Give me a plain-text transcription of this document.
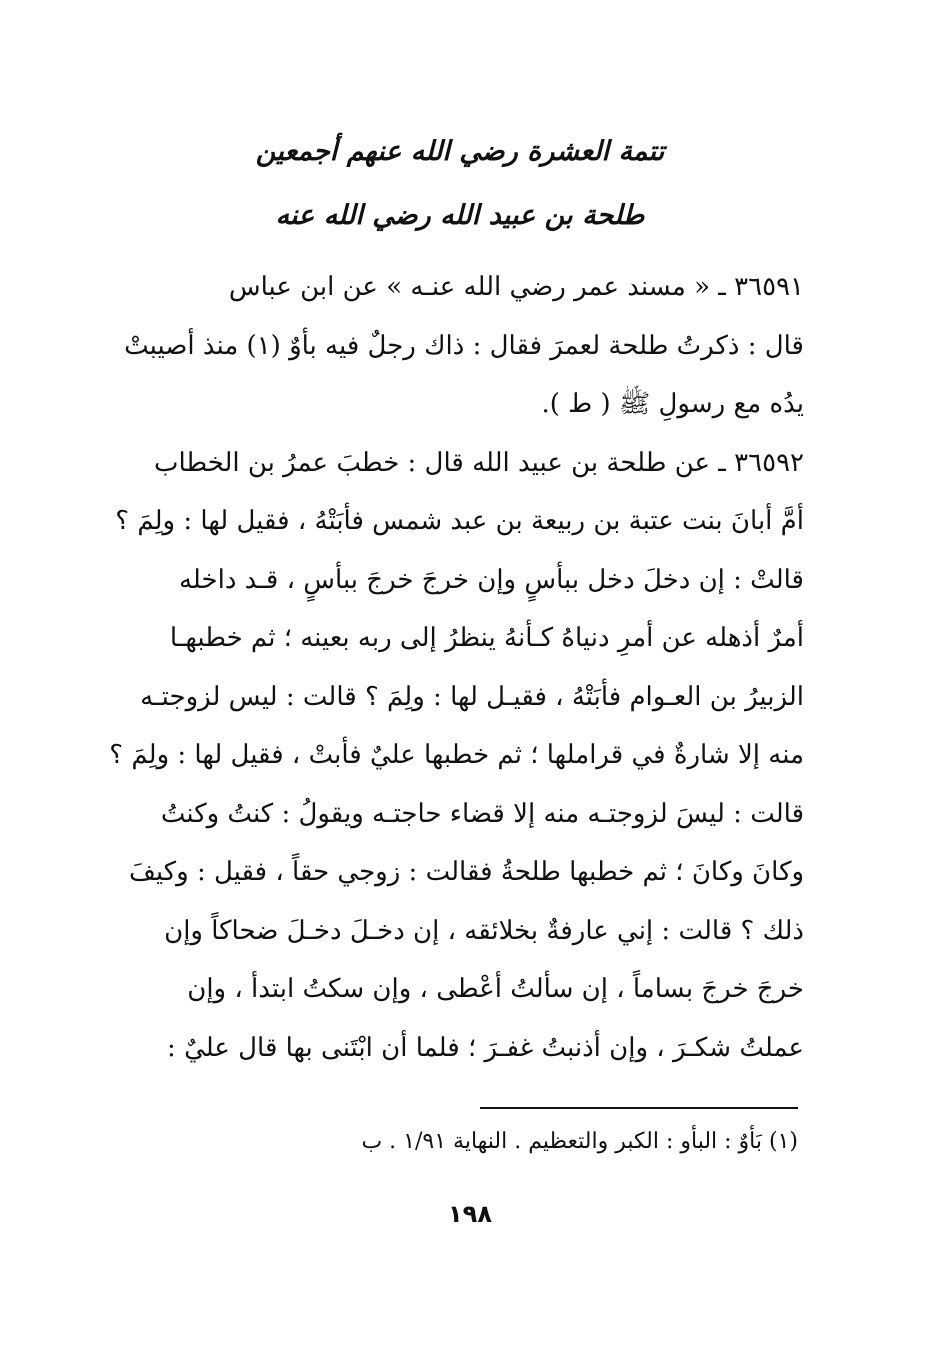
تتمة العشرة رضي الله عنهم أجمعين
طلحة بن عبيد الله رضي الله عنه
٣٦٥٩١ ـ « مسند عمر رضي الله عنـه » عن ابن عباس
قال : ذكرتُ طلحة لعمرَ فقال : ذاك رجلٌ فيه بأوٌ (١) منذ أصيبتْ
يدُه مع رسولِ ﷺ ( ط ).
٣٦٥٩٢ ـ عن طلحة بن عبيد الله قال : خطبَ عمرُ بن الخطاب
أمَّ أبانَ بنت عتبة بن ربيعة بن عبد شمس فأبَتْهُ ، فقيل لها : ولِمَ ؟
قالتْ : إن دخلَ دخل ببأسٍ وإن خرجَ خرجَ ببأسٍ ، قـد داخله
أمرٌ أذهله عن أمرِ دنياهُ كـأنهُ ينظرُ إلى ربه بعينه ؛ ثم خطبهـا
الزبيرُ بن العـوام فأبَتْهُ ، فقيـل لها : ولِمَ ؟ قالت : ليس لزوجتـه
منه إلا شارةٌ في قراملها ؛ ثم خطبها عليٌ فأبتْ ، فقيل لها : ولِمَ ؟
قالت : ليسَ لزوجتـه منه إلا قضاء حاجتـه ويقولُ : كنتُ وكنتُ
وكانَ وكانَ ؛ ثم خطبها طلحةُ فقالت : زوجي حقاً ، فقيل : وكيفَ
ذلك ؟ قالت : إني عارفةٌ بخلائقه ، إن دخـلَ دخـلَ ضحاكاً وإن
خرجَ خرجَ بساماً ، إن سألتُ أعْطى ، وإن سكتُ ابتدأ ، وإن
عملتُ شكـرَ ، وإن أذنبتُ غفـرَ ؛ فلما أن ابْتَنى بها قال عليٌ :
(١) بَأوٌ : البأو : الكبر والتعظيم . النهاية ١/٩١ . ب
١٩٨
